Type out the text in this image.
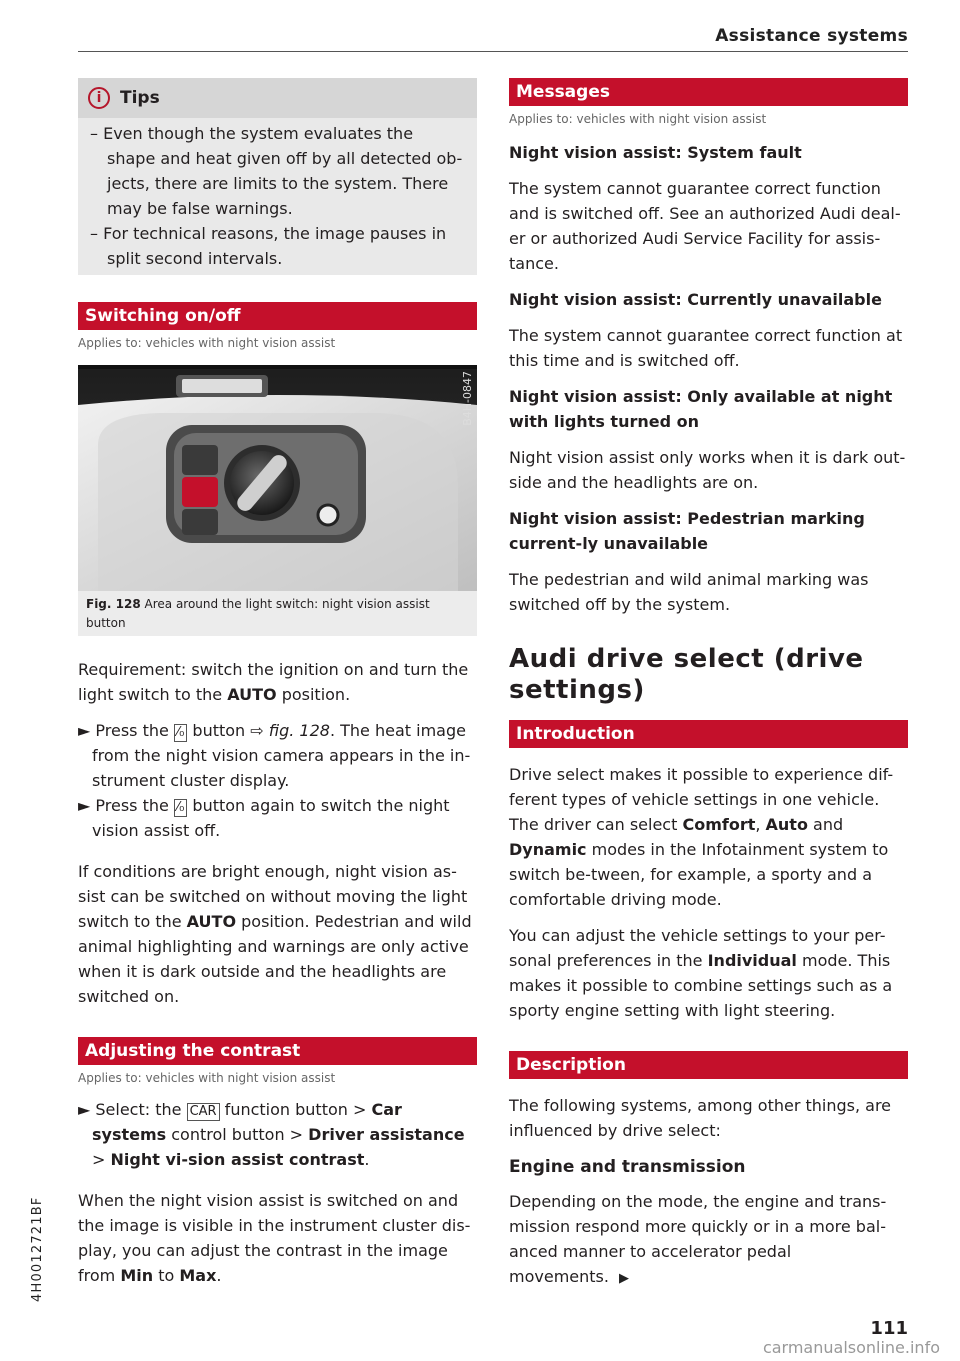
Assistance systems
i	Tips
– Even though the system evaluates the shape and heat given off by all detected ob-jects, there are limits to the system. There may be false warnings.
– For technical reasons, the image pauses in split second intervals.
Switching on/off

Applies to: vehicles with night vision assist

B4H-0847
Fig. 128 Area around the light switch: night vision assist button

Requirement: switch the ignition on and turn the light switch to the AUTO position.

► Press the ⁄₀ button ⇨ fig. 128. The heat image from the night vision camera appears in the in-strument cluster display.

► Press the ⁄₀ button again to switch the night vision assist off.

If conditions are bright enough, night vision as-sist can be switched on without moving the light switch to the AUTO position. Pedestrian and wild animal highlighting and warnings are only active when it is dark outside and the headlights are switched on.

Adjusting the contrast

Applies to: vehicles with night vision assist

► Select: the CAR function button > Car systems control button > Driver assistance > Night vi-sion assist contrast.

When the night vision assist is switched on and the image is visible in the instrument cluster dis-play, you can adjust the contrast in the image from Min to Max.

Messages

Applies to: vehicles with night vision assist

Night vision assist: System fault

The system cannot guarantee correct function and is switched off. See an authorized Audi deal-er or authorized Audi Service Facility for assis-tance.

Night vision assist: Currently unavailable

The system cannot guarantee correct function at this time and is switched off.

Night vision assist: Only available at night with lights turned on

Night vision assist only works when it is dark out-side and the headlights are on.

Night vision assist: Pedestrian marking current-ly unavailable

The pedestrian and wild animal marking was switched off by the system.

Audi drive select (drive settings)

Introduction

Drive select makes it possible to experience dif-ferent types of vehicle settings in one vehicle. The driver can select Comfort, Auto and Dynamic modes in the Infotainment system to switch be-tween, for example, a sporty and a comfortable driving mode.

You can adjust the vehicle settings to your per-sonal preferences in the Individual mode. This makes it possible to combine settings such as a sporty engine setting with light steering.

Description

The following systems, among other things, are influenced by drive select:

Engine and transmission

Depending on the mode, the engine and trans-mission respond more quickly or in a more bal-anced manner to accelerator pedal movements. ▶

4H0012721BF
111
carmanualsonline.info
